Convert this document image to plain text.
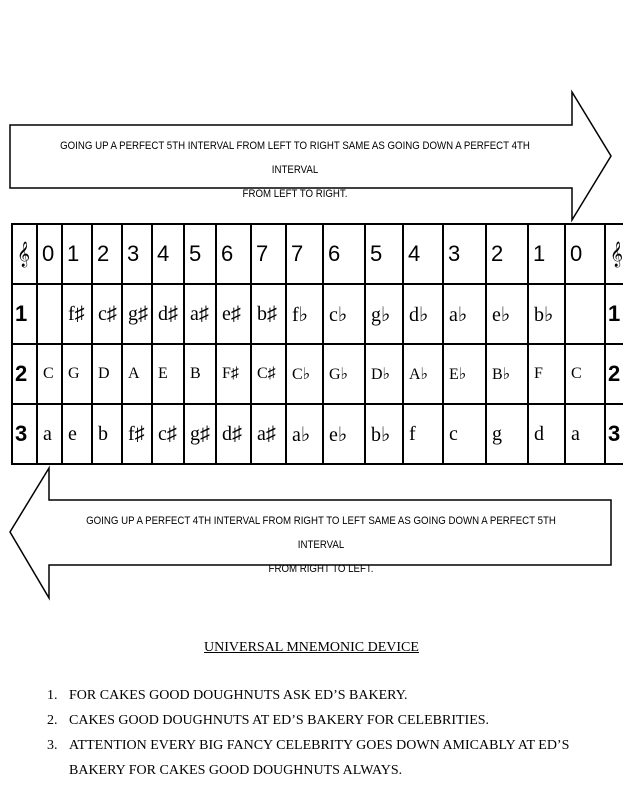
GOING UP A PERFECT 5TH INTERVAL FROM LEFT TO RIGHT SAME AS GOING DOWN A PERFECT 4TH INTERVAL
FROM LEFT TO RIGHT.
𝄞	0	1	2	3	4	5	6	7	7	6	5	4	3	2	1	0	𝄞
1		f♯	c♯	g♯	d♯	a♯	e♯	b♯	f♭	c♭	g♭	d♭	a♭	e♭	b♭		1
2	C	G	D	A	E	B	F♯	C♯	C♭	G♭	D♭	A♭	E♭	B♭	F	C	2
3	a	e	b	f♯	c♯	g♯	d♯	a♯	a♭	e♭	b♭	f	c	g	d	a	3
GOING UP A PERFECT 4TH INTERVAL FROM RIGHT TO LEFT SAME AS GOING DOWN A PERFECT 5TH INTERVAL
FROM RIGHT TO LEFT.
UNIVERSAL MNEMONIC DEVICE
1. FOR CAKES GOOD DOUGHNUTS ASK ED’S BAKERY.
2. CAKES GOOD DOUGHNUTS AT ED’S BAKERY FOR CELEBRITIES.
3. ATTENTION EVERY BIG FANCY CELEBRITY GOES DOWN AMICABLY AT ED’S BAKERY FOR CAKES GOOD DOUGHNUTS ALWAYS.
